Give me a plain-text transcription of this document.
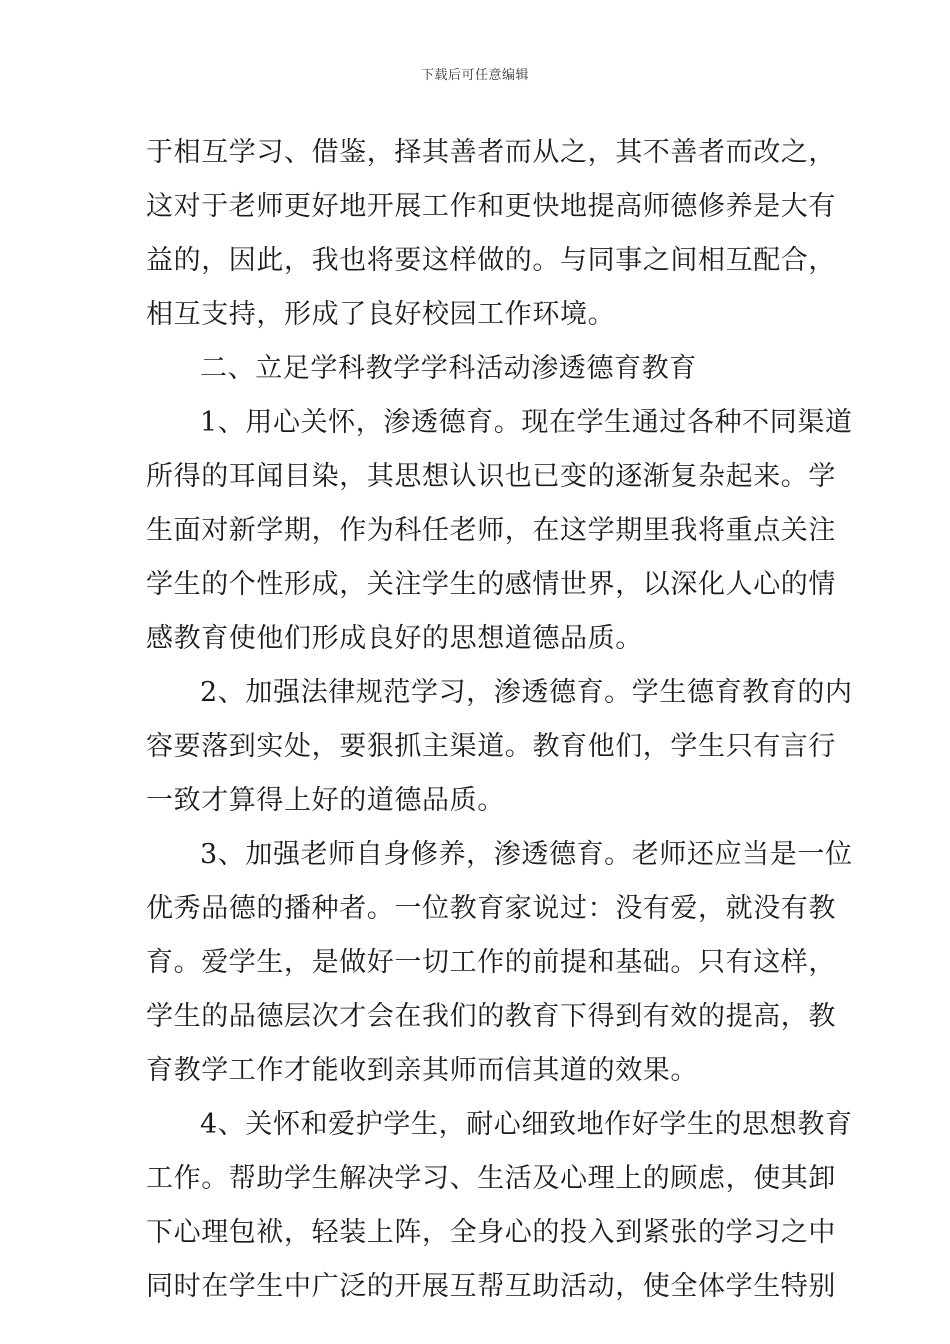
下载后可任意编辑
于相互学习、借鉴，择其善者而从之，其不善者而改之，
这对于老师更好地开展工作和更快地提高师德修养是大有
益的，因此，我也将要这样做的。与同事之间相互配合，
相互支持，形成了良好校园工作环境。
二、立足学科教学学科活动渗透德育教育
1、用心关怀，渗透德育。现在学生通过各种不同渠道
所得的耳闻目染，其思想认识也已变的逐渐复杂起来。学
生面对新学期，作为科任老师，在这学期里我将重点关注
学生的个性形成，关注学生的感情世界，以深化人心的情
感教育使他们形成良好的思想道德品质。
2、加强法律规范学习，渗透德育。学生德育教育的内
容要落到实处，要狠抓主渠道。教育他们，学生只有言行
一致才算得上好的道德品质。
3、加强老师自身修养，渗透德育。老师还应当是一位
优秀品德的播种者。一位教育家说过：没有爱，就没有教
育。爱学生，是做好一切工作的前提和基础。只有这样，
学生的品德层次才会在我们的教育下得到有效的提高，教
育教学工作才能收到亲其师而信其道的效果。
4、关怀和爱护学生，耐心细致地作好学生的思想教育
工作。帮助学生解决学习、生活及心理上的顾虑，使其卸
下心理包袱，轻装上阵，全身心的投入到紧张的学习之中
同时在学生中广泛的开展互帮互助活动，使全体学生特别
